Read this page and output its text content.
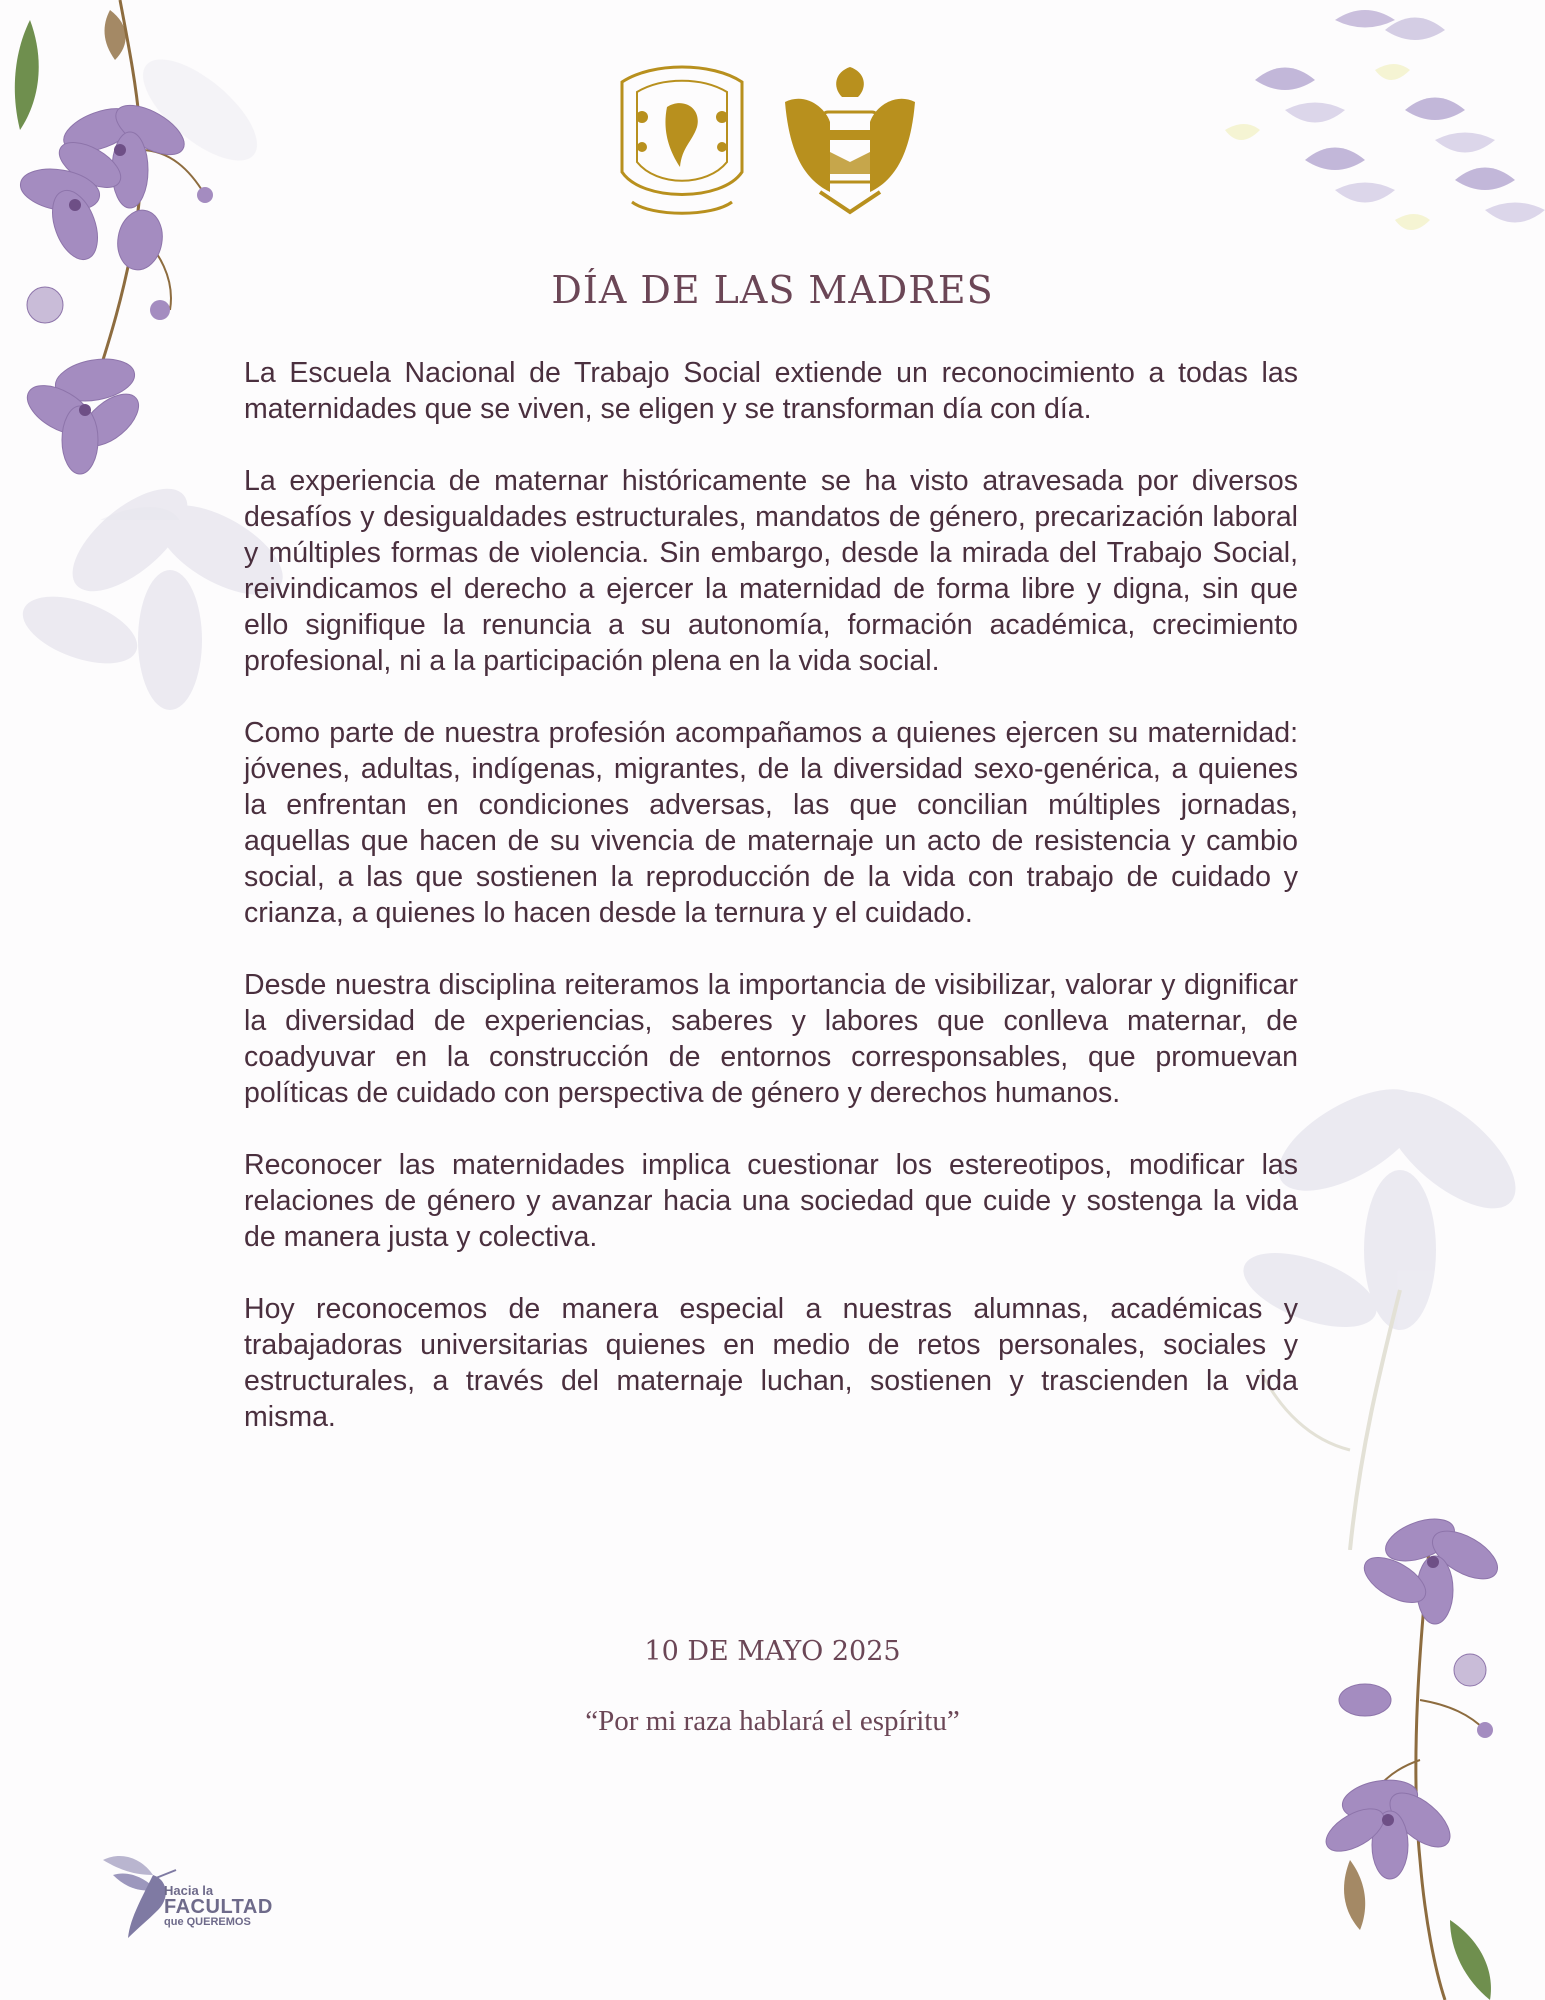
DÍA DE LAS MADRES

La Escuela Nacional de Trabajo Social extiende un reconocimiento a todas las maternidades que se viven, se eligen y se transforman día con día.

La experiencia de maternar históricamente se ha visto atravesada por diversos desafíos y desigualdades estructurales, mandatos de género, precarización laboral y múltiples formas de violencia. Sin embargo, desde la mirada del Trabajo Social, reivindicamos el derecho a ejercer la maternidad de forma libre y digna, sin que ello signifique la renuncia a su autonomía, formación académica, crecimiento profesional, ni a la participación plena en la vida social.

Como parte de nuestra profesión acompañamos a quienes ejercen su maternidad: jóvenes, adultas, indígenas, migrantes, de la diversidad sexo-genérica, a quienes la enfrentan en condiciones adversas, las que concilian múltiples jornadas, aquellas que hacen de su vivencia de maternaje un acto de resistencia y cambio social, a las que sostienen la reproducción de la vida con trabajo de cuidado y crianza, a quienes lo hacen desde la ternura y el cuidado.

Desde nuestra disciplina reiteramos la importancia de visibilizar, valorar y dignificar la diversidad de experiencias, saberes y labores que conlleva maternar, de coadyuvar en la construcción de entornos corresponsables, que promuevan políticas de cuidado con perspectiva de género y derechos humanos.

Reconocer las maternidades implica cuestionar los estereotipos, modificar las relaciones de género y avanzar hacia una sociedad que cuide y sostenga la vida de manera justa y colectiva.

Hoy reconocemos de manera especial a nuestras alumnas, académicas y trabajadoras universitarias quienes en medio de retos personales, sociales y estructurales, a través del maternaje luchan, sostienen y trascienden la vida misma.

10 DE MAYO 2025
“Por mi raza hablará el espíritu”
Hacia la
FACULTAD
que QUEREMOS
